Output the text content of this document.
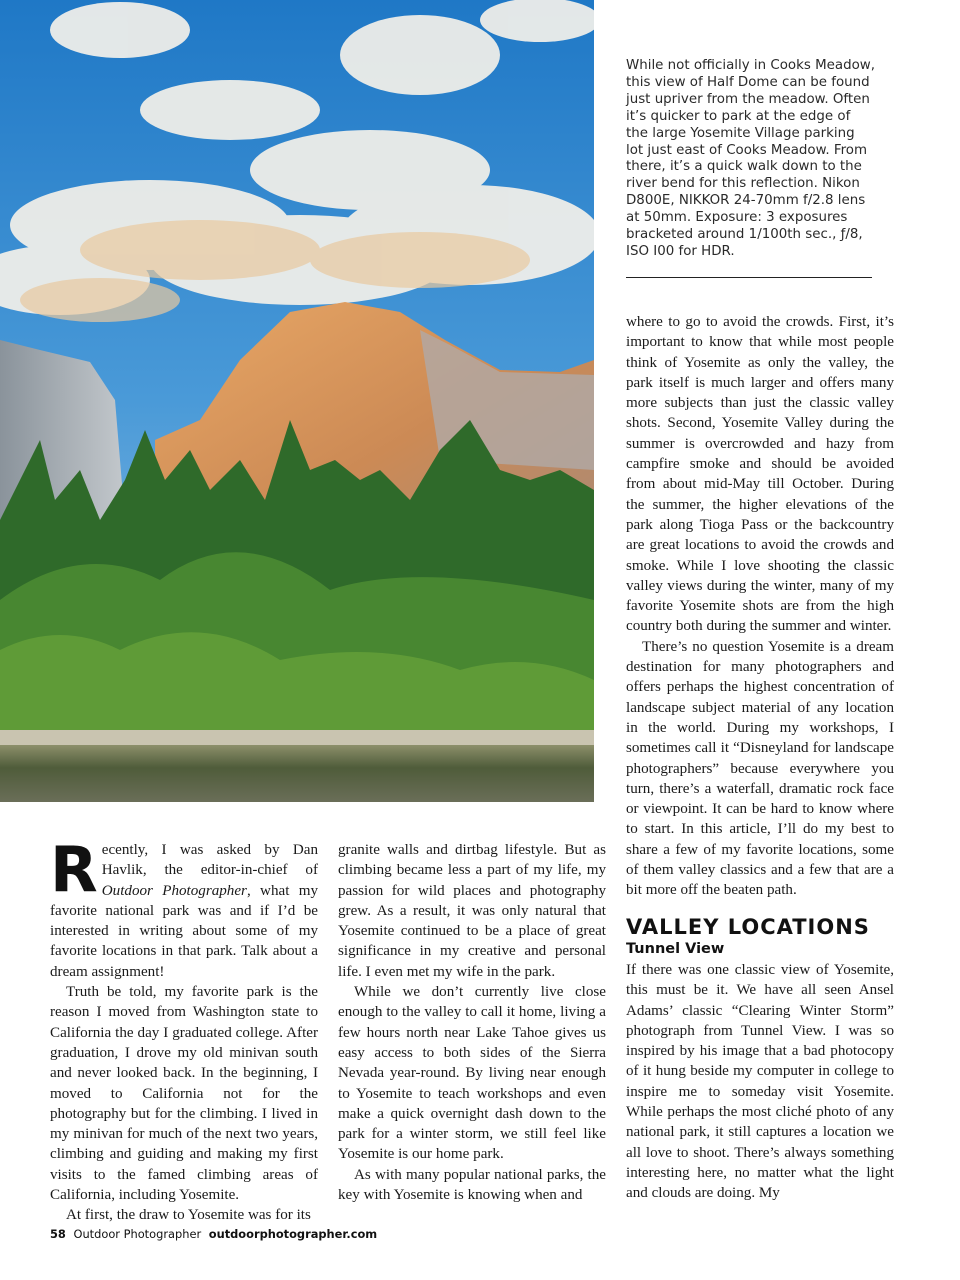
While not officially in Cooks Meadow, this view of Half Dome can be found just upriver from the meadow. Often it’s quicker to park at the edge of the large Yosemite Village parking lot just east of Cooks Meadow. From there, it’s a quick walk down to the river bend for this reflection. Nikon D800E, NIKKOR 24-70mm f/2.8 lens at 50mm. Exposure: 3 exposures bracketed around 1/100th sec., ƒ/8, ISO I00 for HDR.

Recently, I was asked by Dan Havlik, the editor-in-chief of Outdoor Photographer, what my favorite national park was and if I’d be interested in writing about some of my favorite locations in that park. Talk about a dream assignment!

Truth be told, my favorite park is the reason I moved from Washington state to California the day I graduated college. After graduation, I drove my old minivan south and never looked back. In the beginning, I moved to California not for the photography but for the climbing. I lived in my minivan for much of the next two years, climbing and guiding and making my first visits to the famed climbing areas of California, including Yosemite.

At first, the draw to Yosemite was for its

granite walls and dirtbag lifestyle. But as climbing became less a part of my life, my passion for wild places and photography grew. As a result, it was only natural that Yosemite continued to be a place of great significance in my creative and personal life. I even met my wife in the park.

While we don’t currently live close enough to the valley to call it home, living a few hours north near Lake Tahoe gives us easy access to both sides of the Sierra Nevada year-round. By living near enough to Yosemite to teach workshops and even make a quick overnight dash down to the park for a winter storm, we still feel like Yosemite is our home park.

As with many popular national parks, the key with Yosemite is knowing when and

where to go to avoid the crowds. First, it’s important to know that while most people think of Yosemite as only the valley, the park itself is much larger and offers many more subjects than just the classic valley shots. Second, Yosemite Valley during the summer is overcrowded and hazy from campfire smoke and should be avoided from about mid-May till October. During the summer, the higher elevations of the park along Tioga Pass or the backcountry are great locations to avoid the crowds and smoke. While I love shooting the classic valley views during the winter, many of my favorite Yosemite shots are from the high country both during the summer and winter.

There’s no question Yosemite is a dream destination for many photographers and offers perhaps the highest concentration of landscape subject material of any location in the world. During my workshops, I sometimes call it “Disneyland for landscape photographers” because everywhere you turn, there’s a waterfall, dramatic rock face or viewpoint. It can be hard to know where to start. In this article, I’ll do my best to share a few of my favorite locations, some of them valley classics and a few that are a bit more off the beaten path.

VALLEY LOCATIONS
Tunnel View

If there was one classic view of Yosemite, this must be it. We have all seen Ansel Adams’ classic “Clearing Winter Storm” photograph from Tunnel View. I was so inspired by his image that a bad photocopy of it hung beside my computer in college to inspire me to someday visit Yosemite. While perhaps the most cliché photo of any national park, it still captures a location we all love to shoot. There’s always something interesting here, no matter what the light and clouds are doing. My

58 Outdoor Photographer outdoorphotographer.com
